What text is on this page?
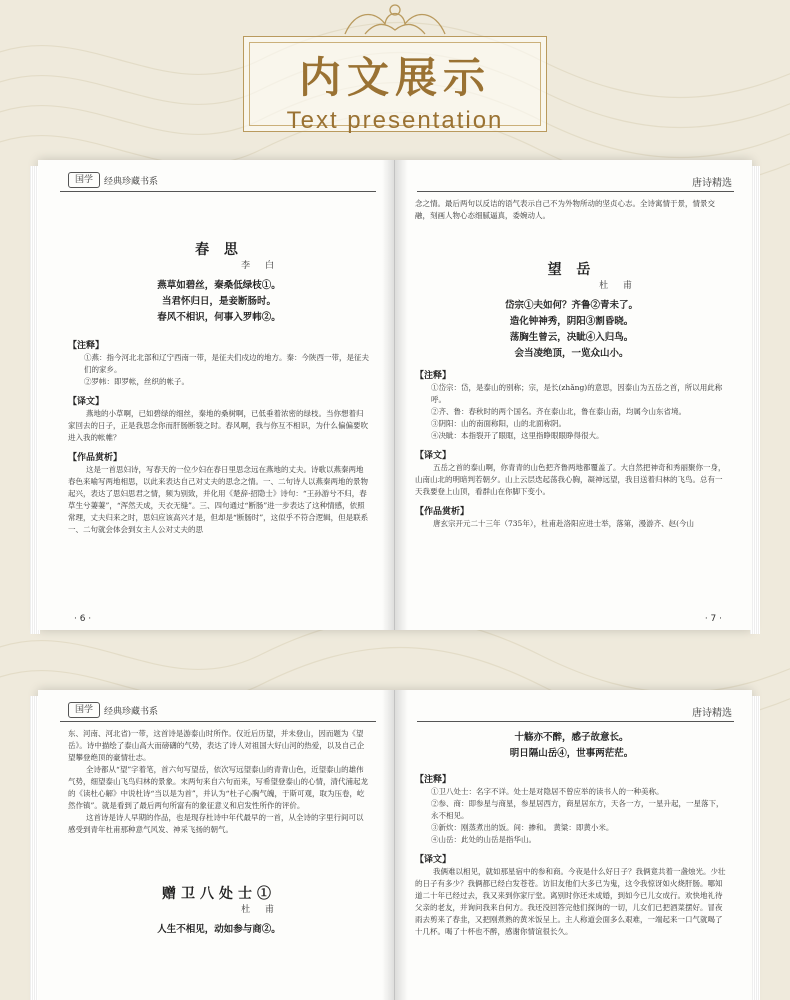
内文展示
Text presentation
国学	经典珍藏书系
春 思
李 白
燕草如碧丝，秦桑低绿枝①。
当君怀归日，是妾断肠时。
春风不相识，何事入罗帏②。
【注释】
①燕：指今河北北部和辽宁西南一带，是征夫们戍边的地方。秦：今陕西一带，是征夫们的家乡。
②罗帏：即罗帐，丝织的帐子。
【译文】
燕地的小草啊，已如碧绿的细丝，秦地的桑树啊，已低垂着浓密的绿枝。当你想着归家回去的日子，正是我思念你而肝肠断裂之时。春风啊，我与你互不相识，为什么偏偏要吹进入我的帐帷？
【作品赏析】
这是一首思妇诗，写春天的一位少妇在春日里思念远在燕地的丈夫。诗歌以燕秦两地春色来喻写两地相思，以此来表达自己对丈夫的思念之情。一、二句诗人以燕秦两地的景物起兴，表达了思妇思君之情，频为别致，并化用《楚辞·招隐士》诗句：“王孙游兮不归，春草生兮萋萋”，“浑然天成，天衣无缝”。三、四句通过“断肠”进一步表达了这种情感，依照常理，丈夫归来之时，思妇应该高兴才是，但却是“断肠时”，这似乎不符合逻辑，但是联系一、二句就会体会到女主人公对丈夫的思
· 6 ·
唐诗精选
念之情。最后两句以反诘的语气表示自己不为外物所动的坚贞心志。全诗寓情于景，情景交融，刻画人物心态细腻逼真，委婉动人。
望 岳
杜 甫
岱宗①夫如何？齐鲁②青未了。
造化钟神秀，阴阳③割昏晓。
荡胸生曾云，决眦④入归鸟。
会当凌绝顶，一览众山小。
【注释】
①岱宗：岱，是泰山的别称；宗，是长(zhǎng)的意思，因泰山为五岳之首，所以用此称呼。
②齐、鲁：春秋时的两个国名。齐在泰山北，鲁在泰山南，均属今山东省境。
③阴阳：山的南面称阳，山的北面称阴。
④决眦：本指裂开了眼眶，这里指睁眼眼睁得很大。
【译文】
五岳之首的泰山啊，你青青的山色把齐鲁两地都覆盖了。大自然把神奇和秀丽聚你一身，山南山北的明暗判若朝夕。山上云层迭起荡我心胸，凝神远望，我目送着归林的飞鸟。总有一天我要登上山顶，看群山在你脚下变小。
【作品赏析】
唐玄宗开元二十三年（735年），杜甫赴洛阳应进士举，落第，漫游齐、赵(今山
· 7 ·
国学	经典珍藏书系
东、河南、河北省)一带，这首诗是游泰山时所作。仅近后历望，并未登山，因而题为《望岳》。诗中描绘了泰山高大而磅礴的气势，表达了诗人对祖国大好山河的热爱，以及自己企望攀登绝顶的豪情壮志。
全诗都从“望”字着笔，首六句写望岳，依次写远望泰山的青青山色，近望泰山的雄伟气势，细望泰山飞鸟归林的景象。末两句来自六句而来，写希望登泰山的心情，清代浦起龙的《读杜心解》中说杜诗“当以是为首”，并认为“杜子心胸气魄，于斯可观，取为压卷，屹然作镇”。就是看到了最后两句所富有的象征意义和启发性所作的评价。
这首诗是诗人早期的作品，也是现存杜诗中年代最早的一首，从全诗的字里行间可以感受到青年杜甫那种意气风发、神采飞扬的朝气。
赠卫八处士①
杜 甫
人生不相见，动如参与商②。
唐诗精选
十觞亦不醉，感子故意长。
明日隔山岳④，世事两茫茫。
【注释】
①卫八处士：名字不详。处士是对隐居不曾应举的读书人的一种美称。
②参、商：即参星与商星，参星居西方，商星居东方，天各一方，一星升起，一星落下，永不相见。
③新炊：刚蒸煮出的饭。间：掺和。 黄粱：即黄小米。
④山岳：此处的山岳是指华山。
【译文】
我俩难以相见，就如那星宿中的参和商。今夜是什么好日子？我俩竟共着一盏烛光。少壮的日子有多少？我俩都已经白发苍苍。访旧友他们大多已为鬼，这令我惊讶如火烧肝肠。哪知道二十年已经过去，我又来到你家厅堂。离别时你还未成婚，到如今已儿女成行。欢快地礼待父亲的老友，并询问我来自何方。我还没回答完他们探询的一切，儿女们已把酒菜摆好。冒夜雨去剪来了春韭，又把刚煮熟的黄米饭呈上。主人称道会面多么艰难，一端起来一口气就喝了十几杯。喝了十杯也不醉，感谢你情谊很长久。
